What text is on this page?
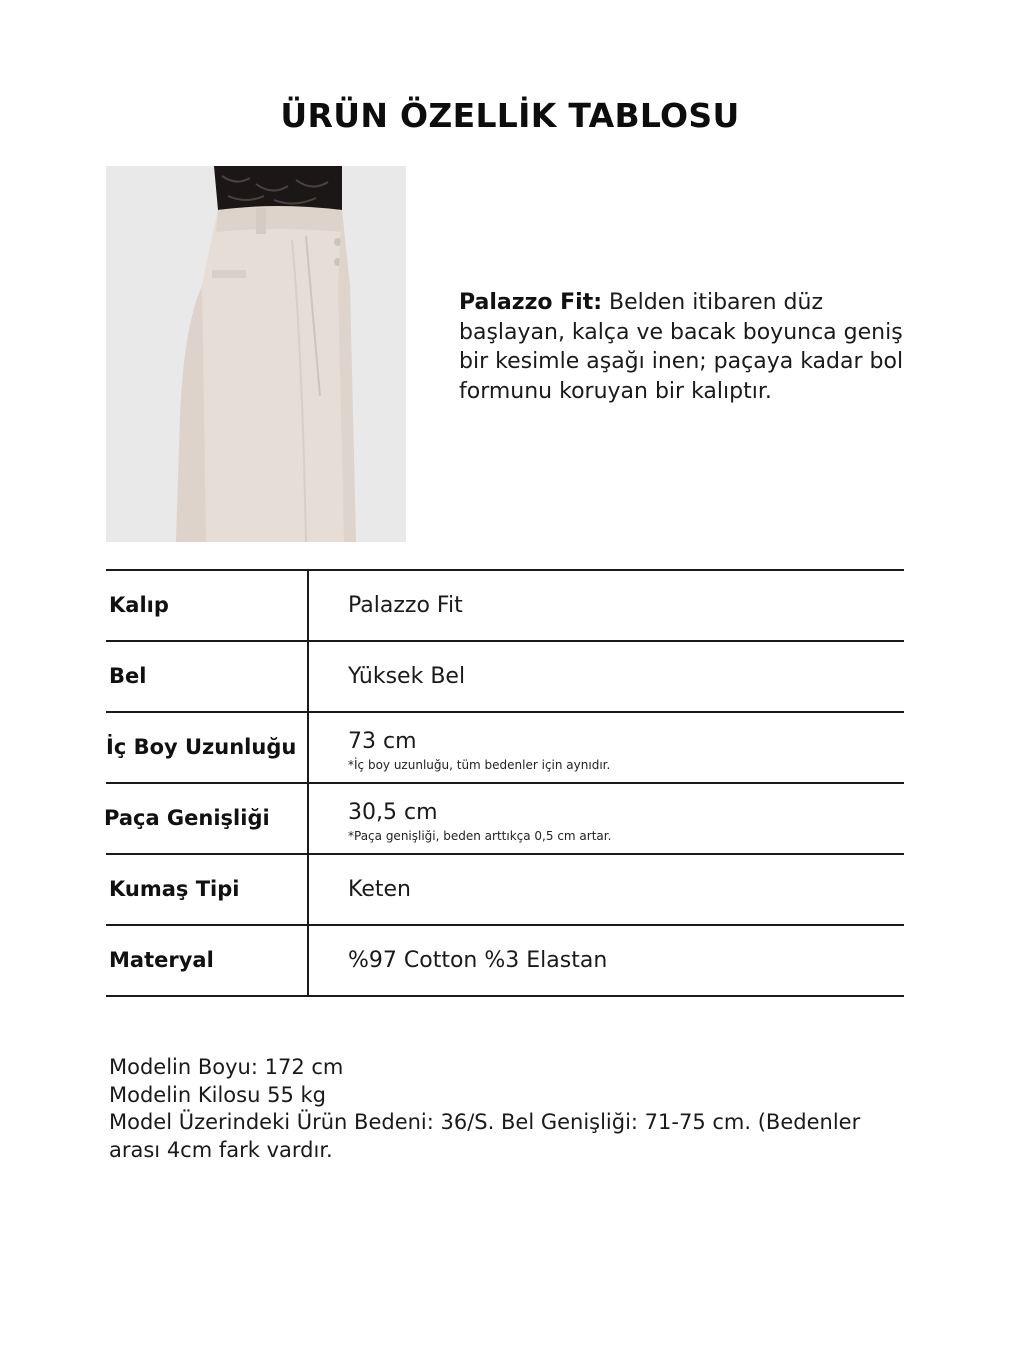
ÜRÜN ÖZELLİK TABLOSU
Palazzo Fit: Belden itibaren düz başlayan, kalça ve bacak boyunca geniş bir kesimle aşağı inen; paçaya kadar bol formunu koruyan bir kalıptır.
Kalıp	Palazzo Fit
Bel	Yüksek Bel
İç Boy Uzunluğu 73 cm
*İç boy uzunluğu, tüm bedenler için aynıdır.
Paça Genişliği	30,5 cm
*Paça genişliği, beden arttıkça 0,5 cm artar.
Kumaş Tipi	Keten
Materyal	%97 Cotton %3 Elastan
Modelin Boyu: 172 cm
Modelin Kilosu 55 kg
Model Üzerindeki Ürün Bedeni: 36/S. Bel Genişliği: 71-75 cm. (Bedenler arası 4cm fark vardır.
